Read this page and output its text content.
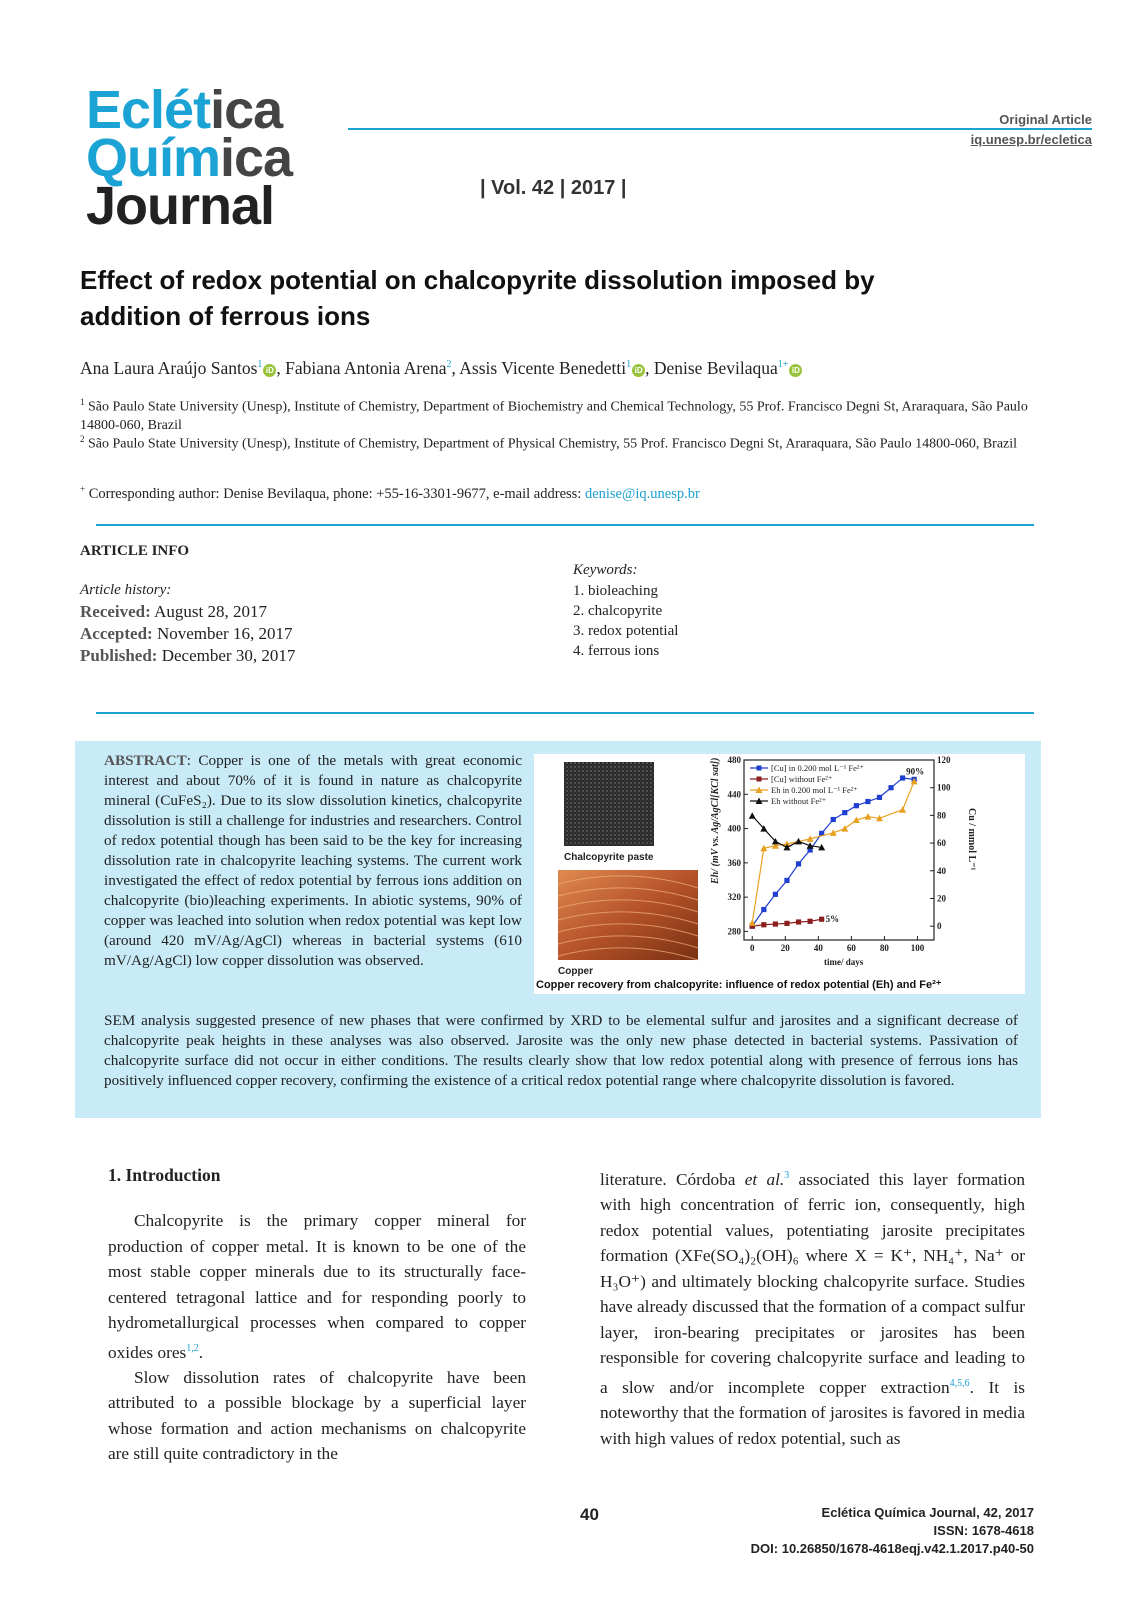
Eclética
Química
Journal
Original Article
iq.unesp.br/ecletica
| Vol. 42 | 2017 |
Effect of redox potential on chalcopyrite dissolution imposed by
addition of ferrous ions
Ana Laura Araújo Santos$^1$iD , Fabiana Antonia Arena$^2$, Assis Vicente Benedetti$^1$iD , Denise Bevilaqua$^{1+}$iD
$^1$ São Paulo State University (Unesp), Institute of Chemistry, Department of Biochemistry and Chemical Technology, 55 Prof. Francisco Degni St, Araraquara, São Paulo 14800-060, Brazil
$^2$ São Paulo State University (Unesp), Institute of Chemistry, Department of Physical Chemistry, 55 Prof. Francisco Degni St, Araraquara, São Paulo 14800-060, Brazil
+ Corresponding author: Denise Bevilaqua, phone: +55-16-3301-9677, e-mail address: denise@iq.unesp.br
ARTICLE INFO
Article history:
Received: August 28, 2017
Accepted: November 16, 2017
Published: December 30, 2017
Keywords:
1. bioleaching
2. chalcopyrite
3. redox potential
4. ferrous ions
ABSTRACT: Copper is one of the metals with great economic interest and about 70% of it is found in nature as chalcopyrite mineral (CuFeS₂). Due to its slow dissolution kinetics, chalcopyrite dissolution is still a challenge for industries and researchers. Control of redox potential though has been said to be the key for increasing dissolution rate in chalcopyrite leaching systems. The current work investigated the effect of redox potential by ferrous ions addition on chalcopyrite (bio)leaching experiments. In abiotic systems, 90% of copper was leached into solution when redox potential was kept low (around 420 mV/Ag/AgCl) whereas in bacterial systems (610 mV/Ag/AgCl) low copper dissolution was observed.
Chalcopyrite paste
Copper
0	20	40	60	80 100
280
320
360
400
440
480
0
20
40
60
80
100
120
[Cu] in 0.200 mol L⁻¹ Fe²⁺
[Cu] without Fe²⁺
Eh in 0.200 mol L⁻¹ Fe²⁺
Eh without Fe²⁺
90%
5%
Eh/ (mV vs. Ag/AgCl[KCl sat])	Cu / mmol L⁻¹
time/ days
Copper recovery from chalcopyrite: influence of redox potential (Eh) and Fe²⁺
SEM analysis suggested presence of new phases that were confirmed by XRD to be elemental sulfur and jarosites and a significant decrease of chalcopyrite peak heights in these analyses was also observed. Jarosite was the only new phase detected in bacterial systems. Passivation of chalcopyrite surface did not occur in either conditions. The results clearly show that low redox potential along with presence of ferrous ions has positively influenced copper recovery, confirming the existence of a critical redox potential range where chalcopyrite dissolution is favored.
1. Introduction

Chalcopyrite is the primary copper mineral for production of copper metal. It is known to be one of the most stable copper minerals due to its structurally face-centered tetragonal lattice and for responding poorly to hydrometallurgical processes when compared to copper oxides ores$^{1,2}$.

Slow dissolution rates of chalcopyrite have been attributed to a possible blockage by a superficial layer whose formation and action mechanisms on chalcopyrite are still quite contradictory in the

literature. Córdoba et al.$^3$ associated this layer formation with high concentration of ferric ion, consequently, high redox potential values, potentiating jarosite precipitates formation (XFe(SO₄)₂(OH)₆ where X = K⁺, NH₄⁺, Na⁺ or H₃O⁺) and ultimately blocking chalcopyrite surface. Studies have already discussed that the formation of a compact sulfur layer, iron-bearing precipitates or jarosites has been responsible for covering chalcopyrite surface and leading to a slow and/or incomplete copper extraction$^{4,5,6}$. It is noteworthy that the formation of jarosites is favored in media with high values of redox potential, such as

40	Eclética Química Journal, 42, 2017
ISSN: 1678-4618
DOI: 10.26850/1678-4618eqj.v42.1.2017.p40-50
